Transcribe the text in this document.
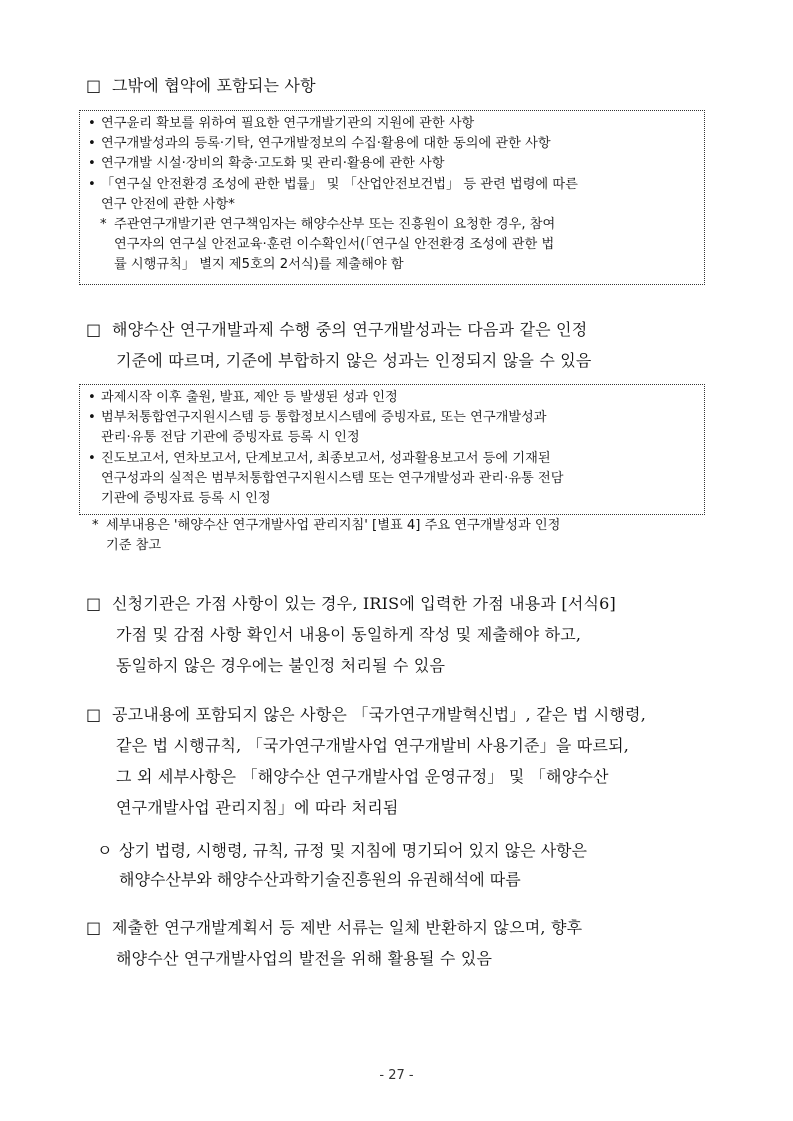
□ 그밖에 협약에 포함되는 사항
• 연구윤리 확보를 위하여 필요한 연구개발기관의 지원에 관한 사항
• 연구개발성과의 등록·기탁, 연구개발정보의 수집·활용에 대한 동의에 관한 사항
• 연구개발 시설·장비의 확충·고도화 및 관리·활용에 관한 사항
• 「연구실 안전환경 조성에 관한 법률」 및 「산업안전보건법」 등 관련 법령에 따른
연구 안전에 관한 사항*
* 주관연구개발기관 연구책임자는 해양수산부 또는 진흥원이 요청한 경우, 참여
연구자의 연구실 안전교육·훈련 이수확인서(「연구실 안전환경 조성에 관한 법
률 시행규칙」 별지 제5호의 2서식)를 제출해야 함
□ 해양수산 연구개발과제 수행 중의 연구개발성과는 다음과 같은 인정
기준에 따르며, 기준에 부합하지 않은 성과는 인정되지 않을 수 있음
• 과제시작 이후 출원, 발표, 제안 등 발생된 성과 인정
• 범부처통합연구지원시스템 등 통합정보시스템에 증빙자료, 또는 연구개발성과
관리·유통 전담 기관에 증빙자료 등록 시 인정
• 진도보고서, 연차보고서, 단계보고서, 최종보고서, 성과활용보고서 등에 기재된
연구성과의 실적은 범부처통합연구지원시스템 또는 연구개발성과 관리·유통 전담
기관에 증빙자료 등록 시 인정
* 세부내용은 '해양수산 연구개발사업 관리지침' [별표 4] 주요 연구개발성과 인정
기준 참고
□ 신청기관은 가점 사항이 있는 경우, IRIS에 입력한 가점 내용과 [서식6]
가점 및 감점 사항 확인서 내용이 동일하게 작성 및 제출해야 하고,
동일하지 않은 경우에는 불인정 처리될 수 있음
□ 공고내용에 포함되지 않은 사항은 「국가연구개발혁신법」, 같은 법 시행령,
같은 법 시행규칙, 「국가연구개발사업 연구개발비 사용기준」을 따르되,
그 외 세부사항은 「해양수산 연구개발사업 운영규정」 및 「해양수산
연구개발사업 관리지침」에 따라 처리됨
ㅇ 상기 법령, 시행령, 규칙, 규정 및 지침에 명기되어 있지 않은 사항은
해양수산부와 해양수산과학기술진흥원의 유권해석에 따름
□ 제출한 연구개발계획서 등 제반 서류는 일체 반환하지 않으며, 향후
해양수산 연구개발사업의 발전을 위해 활용될 수 있음
- 27 -
